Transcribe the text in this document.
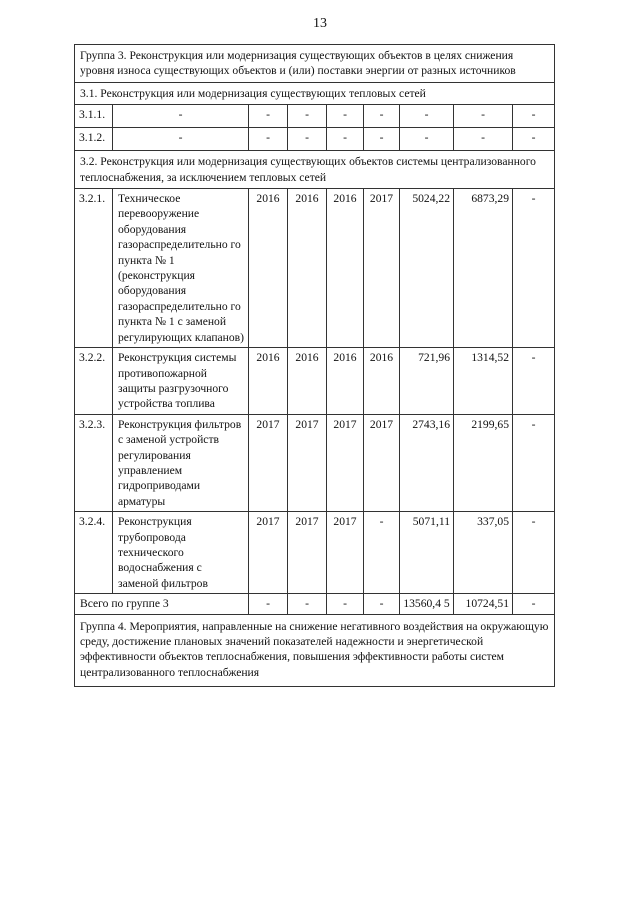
13
Группа 3. Реконструкция или модернизация существующих объектов в целях снижения уровня износа существующих объектов и (или) поставки энергии от разных источников								
3.1. Реконструкция или модернизация существующих тепловых сетей								
3.1.1.	-	-	-	-	-	-	-	-
3.1.2.	-	-	-	-	-	-	-	-
3.2. Реконструкция или модернизация существующих объектов системы централизованного теплоснабжения, за исключением тепловых сетей								
3.2.1.	Техническое перевооружение оборудования газораспределительно го пункта № 1 (реконструкция оборудования газораспределительно го пункта № 1 с заменой регулирующих клапанов)	2016	2016	2016	2017	5024,22	6873,29	-
3.2.2.	Реконструкция системы противопожарной защиты разгрузочного устройства топлива	2016	2016	2016	2016	721,96	1314,52	-
3.2.3.	Реконструкция фильтров с заменой устройств регулирования управлением гидроприводами арматуры	2017	2017	2017	2017	2743,16	2199,65	-
3.2.4.	Реконструкция трубопровода технического водоснабжения с заменой фильтров	2017	2017	2017	-	5071,11	337,05	-
Всего по группе 3		-	-	-	-	13560,4 5	10724,51	-
Группа 4. Мероприятия, направленные на снижение негативного воздействия на окружающую среду, достижение плановых значений показателей надежности и энергетической эффективности объектов теплоснабжения, повышения эффективности работы систем централизованного теплоснабжения								
